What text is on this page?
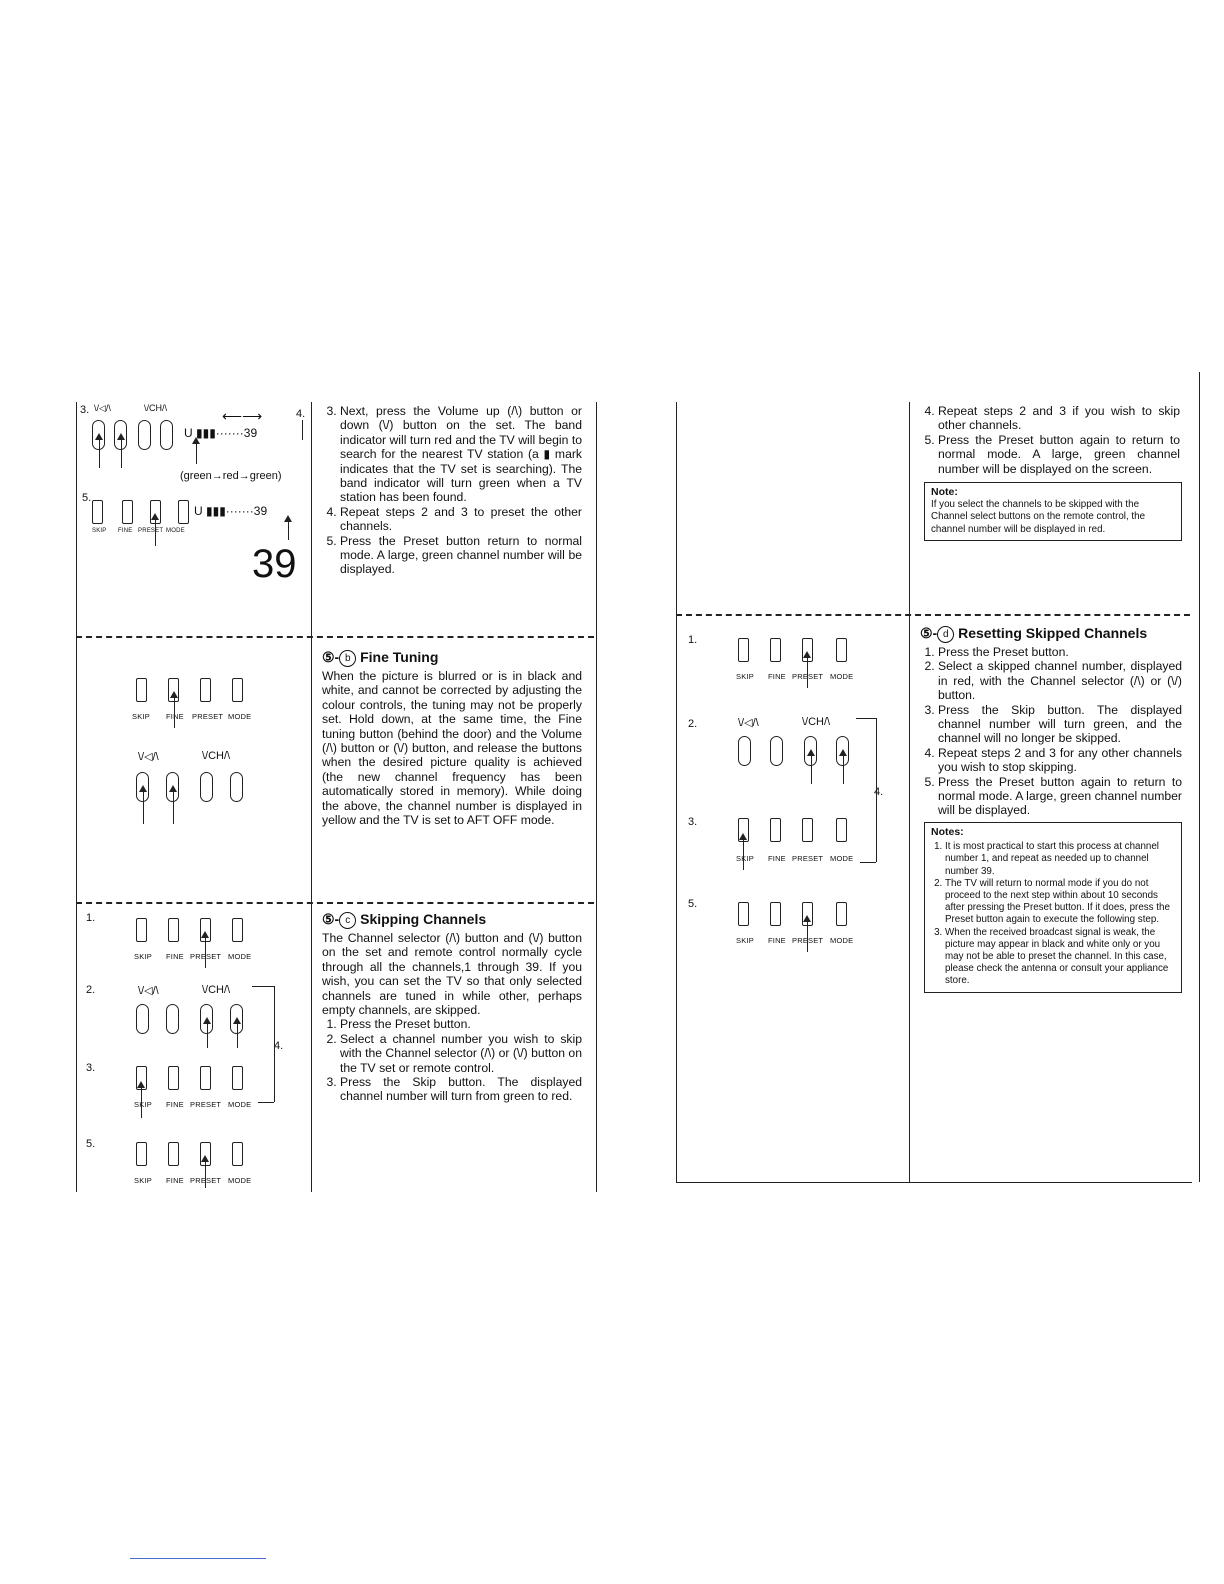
3. \/◁/\	\/CH/\	⟵⟶	4.
U ▮▮▮·······39
(green→red→green)
5.
U ▮▮▮·······39
SKIP FINE PRESET MODE
39
3. Next, press the Volume up (/\) button or down (\/) button on the set. The band indicator will turn red and the TV will begin to search for the nearest TV station (a ▮ mark indicates that the TV set is searching). The band indicator will turn green when a TV station has been found.
4. Repeat steps 2 and 3 to preset the other channels.
5. Press the Preset button return to normal mode. A large, green channel number will be displayed.
SKIP FINE PRESET MODE
\/◁/\	\/CH/\
⑤- b Fine Tuning

When the picture is blurred or is in black and white, and cannot be corrected by adjusting the colour controls, the tuning may not be properly set. Hold down, at the same time, the Fine tuning button (behind the door) and the Volume (/\) button or (\/) button, and release the buttons when the desired picture quality is achieved (the new channel frequency has been automatically stored in memory). While doing the above, the channel number is displayed in yellow and the TV is set to AFT OFF mode.

1.
SKIP FINE PRESET MODE
2.	\/◁/\	\/CH/\
4.
3.
SKIP FINE PRESET MODE
5.
SKIP FINE PRESET MODE
⑤- c Skipping Channels

The Channel selector (/\) button and (\/) button on the set and remote control normally cycle through all the channels,1 through 39. If you wish, you can set the TV so that only selected channels are tuned in while other, perhaps empty channels, are skipped.

1. Press the Preset button.
2. Select a channel number you wish to skip with the Channel selector (/\) or (\/) button on the TV set or remote control.
3. Press the Skip button. The displayed channel number will turn from green to red.
4. Repeat steps 2 and 3 if you wish to skip other channels.
5. Press the Preset button again to return to normal mode. A large, green channel number will be displayed on the screen.
Note:
If you select the channels to be skipped with the Channel select buttons on the remote control, the channel number will be displayed in red.
1.
SKIP FINE PRESET MODE
2.	\/◁/\	\/CH/\
4.
3.
SKIP FINE PRESET MODE
5.
SKIP FINE PRESET MODE
⑤- d Resetting Skipped Channels
1. Press the Preset button.
2. Select a skipped channel number, displayed in red, with the Channel selector (/\) or (\/) button.
3. Press the Skip button. The displayed channel number will turn green, and the channel will no longer be skipped.
4. Repeat steps 2 and 3 for any other channels you wish to stop skipping.
5. Press the Preset button again to return to normal mode. A large, green channel number will be displayed.
Notes:
1. It is most practical to start this process at channel number 1, and repeat as needed up to channel number 39.
2. The TV will return to normal mode if you do not proceed to the next step within about 10 seconds after pressing the Preset button. If it does, press the Preset button again to execute the following step.
3. When the received broadcast signal is weak, the picture may appear in black and white only or you may not be able to preset the channel. In this case, please check the antenna or consult your appliance store.
